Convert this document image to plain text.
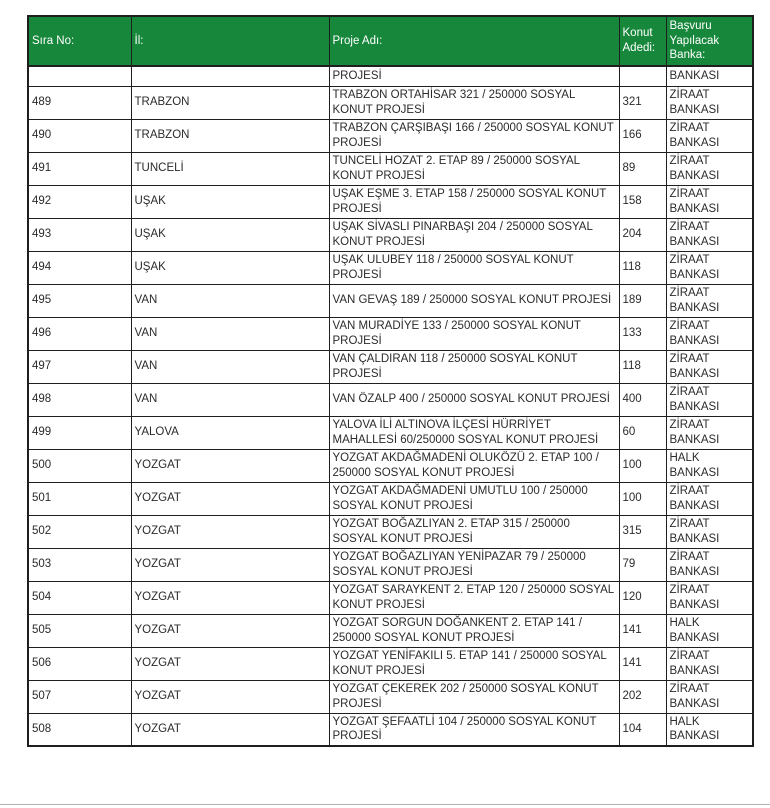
Sıra No:	İl:	Proje Adı:	Konut Adedi:	Başvuru Yapılacak Banka:
		PROJESİ		BANKASI
489	TRABZON	TRABZON ORTAHİSAR 321 / 250000 SOSYAL KONUT PROJESİ	321	ZİRAAT BANKASI
490	TRABZON	TRABZON ÇARŞIBAŞI 166 / 250000 SOSYAL KONUT PROJESİ	166	ZİRAAT BANKASI
491	TUNCELİ	TUNCELİ HOZAT 2. ETAP 89 / 250000 SOSYAL KONUT PROJESİ	89	ZİRAAT BANKASI
492	UŞAK	UŞAK EŞME 3. ETAP 158 / 250000 SOSYAL KONUT PROJESİ	158	ZİRAAT BANKASI
493	UŞAK	UŞAK SİVASLI PINARBAŞI 204 / 250000 SOSYAL KONUT PROJESİ	204	ZİRAAT BANKASI
494	UŞAK	UŞAK ULUBEY 118 / 250000 SOSYAL KONUT PROJESİ	118	ZİRAAT BANKASI
495	VAN	VAN GEVAŞ 189 / 250000 SOSYAL KONUT PROJESİ	189	ZİRAAT BANKASI
496	VAN	VAN MURADİYE 133 / 250000 SOSYAL KONUT PROJESİ	133	ZİRAAT BANKASI
497	VAN	VAN ÇALDIRAN 118 / 250000 SOSYAL KONUT PROJESİ	118	ZİRAAT BANKASI
498	VAN	VAN ÖZALP 400 / 250000 SOSYAL KONUT PROJESİ	400	ZİRAAT BANKASI
499	YALOVA	YALOVA İLİ ALTINOVA İLÇESİ HÜRRİYET MAHALLESİ 60/250000 SOSYAL KONUT PROJESİ	60	ZİRAAT BANKASI
500	YOZGAT	YOZGAT AKDAĞMADENİ OLUKÖZÜ 2. ETAP 100 / 250000 SOSYAL KONUT PROJESİ	100	HALK BANKASI
501	YOZGAT	YOZGAT AKDAĞMADENİ UMUTLU 100 / 250000 SOSYAL KONUT PROJESİ	100	ZİRAAT BANKASI
502	YOZGAT	YOZGAT BOĞAZLIYAN 2. ETAP 315 / 250000 SOSYAL KONUT PROJESİ	315	ZİRAAT BANKASI
503	YOZGAT	YOZGAT BOĞAZLIYAN YENİPAZAR 79 / 250000 SOSYAL KONUT PROJESİ	79	ZİRAAT BANKASI
504	YOZGAT	YOZGAT SARAYKENT 2. ETAP 120 / 250000 SOSYAL KONUT PROJESİ	120	ZİRAAT BANKASI
505	YOZGAT	YOZGAT SORGUN DOĞANKENT 2. ETAP 141 / 250000 SOSYAL KONUT PROJESİ	141	HALK BANKASI
506	YOZGAT	YOZGAT YENİFAKILI 5. ETAP 141 / 250000 SOSYAL KONUT PROJESİ	141	ZİRAAT BANKASI
507	YOZGAT	YOZGAT ÇEKEREK 202 / 250000 SOSYAL KONUT PROJESİ	202	ZİRAAT BANKASI
508	YOZGAT	YOZGAT ŞEFAATLİ 104 / 250000 SOSYAL KONUT PROJESİ	104	HALK BANKASI
